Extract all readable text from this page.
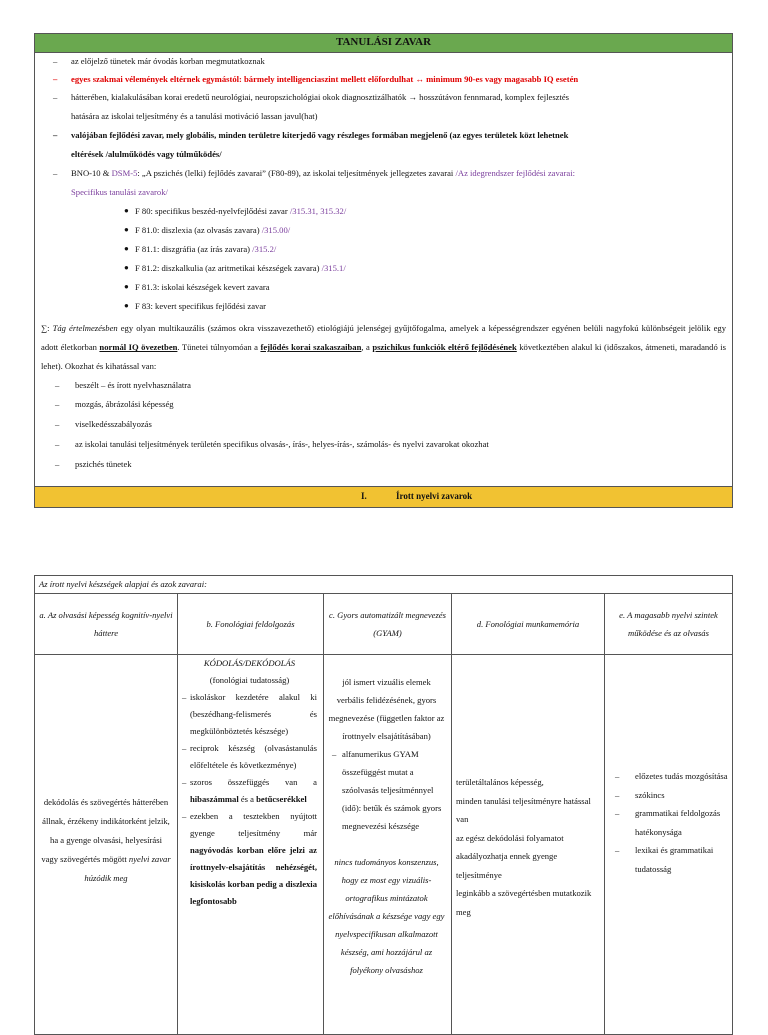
TANULÁSI ZAVAR
– az előjelző tünetek már óvodás korban megmutatkoznak
– egyes szakmai vélemények eltérnek egymástól: bármely intelligenciaszint mellett előfordulhat ↔ minimum 90-es vagy magasabb IQ esetén
– hátterében, kialakulásában korai eredetű neurológiai, neuropszichológiai okok diagnosztizálhatók → hosszútávon fennmarad, komplex fejlesztés
hatására az iskolai teljesítmény és a tanulási motiváció lassan javul(hat)
– valójában fejlődési zavar, mely globális, minden területre kiterjedő vagy részleges formában megjelenő (az egyes területek közt lehetnek
eltérések /alulműködés vagy túlműködés/
– BNO-10 & DSM-5: „A pszichés (lelki) fejlődés zavarai” (F80-89), az iskolai teljesítmények jellegzetes zavarai /Az idegrendszer fejlődési zavarai:
Specifikus tanulási zavarok/
● F 80: specifikus beszéd-nyelvfejlődési zavar /315.31, 315.32/
● F 81.0: diszlexia (az olvasás zavara) /315.00/
● F 81.1: diszgráfia (az írás zavara) /315.2/
● F 81.2: diszkalkulia (az aritmetikai készségek zavara) /315.1/
● F 81.3: iskolai készségek kevert zavara
● F 83: kevert specifikus fejlődési zavar
∑: Tág értelmezésben egy olyan multikauzális (számos okra visszavezethető) etiológiájú jelenségej gyűjtőfogalma, amelyek a képességrendszer egyénen belüli nagyfokú különbségeit jelölik egy adott életkorban normál IQ övezetben. Tünetei túlnyomóan a fejlődés korai szakaszaiban, a pszichikus funkciók eltérő fejlődésének következtében alakul ki (időszakos, átmeneti, maradandó is lehet). Okozhat és kihatással van:
– beszélt – és írott nyelvhasználatra
– mozgás, ábrázolási képesség
– viselkedésszabályozás
– az iskolai tanulási teljesítmények területén specifikus olvasás-, írás-, helyes-írás-, számolás- és nyelvi zavarokat okozhat
– pszichés tünetek
I.	Írott nyelvi zavarok
Az írott nyelvi készségek alapjai és azok zavarai:
a. Az olvasási képesség kognitív-nyelvi háttere
b. Fonológiai feldolgozás
c. Gyors automatizált megnevezés (GYAM)
d. Fonológiai munkamemória
e. A magasabb nyelvi szintek működése és az olvasás
dekódolás és szövegértés hátterében állnak, érzékeny indikátorként jelzik, ha a gyenge olvasási, helyesírási vagy szövegértés mögött nyelvi zavar húzódik meg
KÓDOLÁS/DEKÓDOLÁS
(fonológiai tudatosság)
– iskoláskor kezdetére alakul ki (beszédhang-felismerés és megkülönböztetés készsége)
– reciprok készség (olvasástanulás előfeltétele és következménye)
– szoros összefüggés van a hibaszámmal és a betűcserékkel
– ezekben a tesztekben nyújtott gyenge teljesítmény már nagyóvodás korban előre jelzi az írottnyelv-elsajátítás nehézségét, kisiskolás korban pedig a diszlexia legfontosabb
jól ismert vizuális elemek verbális felidézésének, gyors megnevezése (független faktor az írottnyelv elsajátításában)
– alfanumerikus GYAM összefüggést mutat a szóolvasás teljesítménnyel (idő): betűk és számok gyors megnevezési készsége
nincs tudományos konszenzus, hogy ez most egy vizuális-ortografikus mintázatok előhívásának a készsége vagy egy nyelvspecifikusan alkalmazott készség, ami hozzájárul az folyékony olvasáshoz
területáltalános képesség,
minden tanulási teljesítményre hatással van
az egész dekódolási folyamatot akadályozhatja ennek gyenge teljesítménye
leginkább a szövegértésben mutatkozik meg
– előzetes tudás mozgósítása
– szókincs
– grammatikai feldolgozás hatékonysága
– lexikai és grammatikai tudatosság
